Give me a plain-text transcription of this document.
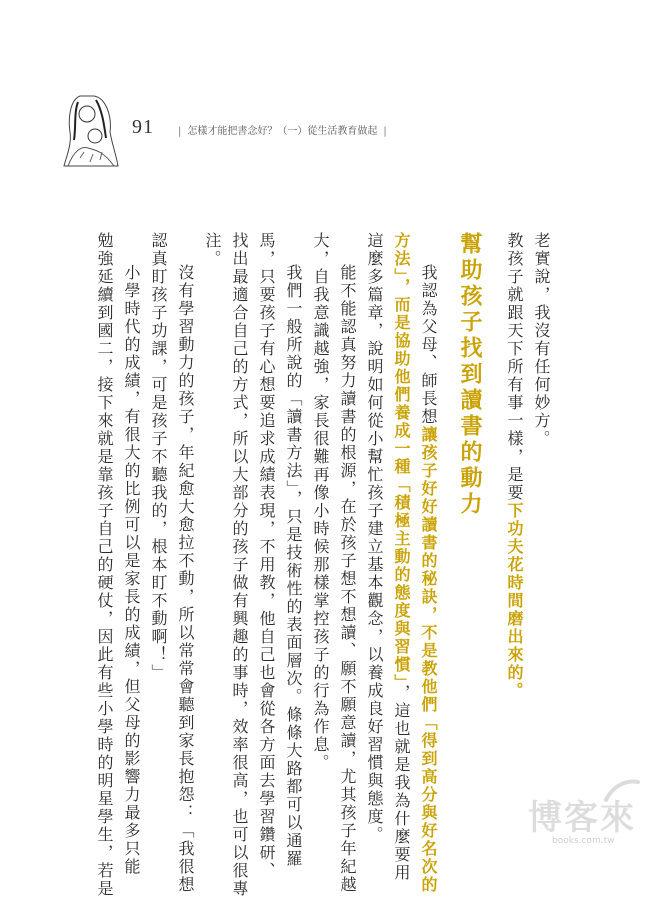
91	| 怎樣才能把書念好？（一）從生活教育做起 |
老實說，我沒有任何妙方。
教孩子就跟天下所有事一樣，是要下功夫花時間磨出來的。
幫助孩子找到讀書的動力
我認為父母、師長想讓孩子好好讀書的秘訣，不是教他們「得到高分與好名次的
方法」，而是協助他們養成一種「積極主動的態度與習慣」，這也就是我為什麼要用
這麼多篇章，說明如何從小幫忙孩子建立基本觀念，以養成良好習慣與態度。
能不能認真努力讀書的根源，在於孩子想不想讀、願不願意讀，尤其孩子年紀越
大，自我意識越強，家長很難再像小時候那樣掌控孩子的行為作息。
我們一般所說的「讀書方法」，只是技術性的表面層次。條條大路都可以通羅
馬，只要孩子有心想要追求成績表現，不用教，他自己也會從各方面去學習鑽研、
找出最適合自己的方式，所以大部分的孩子做有興趣的事時，效率很高，也可以很專
注。
沒有學習動力的孩子，年紀愈大愈拉不動，所以常常會聽到家長抱怨：「我很想
認真盯孩子功課，可是孩子不聽我的，根本盯不動啊！」
小學時代的成績，有很大的比例可以是家長的成績，但父母的影響力最多只能
勉強延續到國二，接下來就是靠孩子自己的硬仗，因此有些小學時的明星學生，若是	博客來
books.com.tw
